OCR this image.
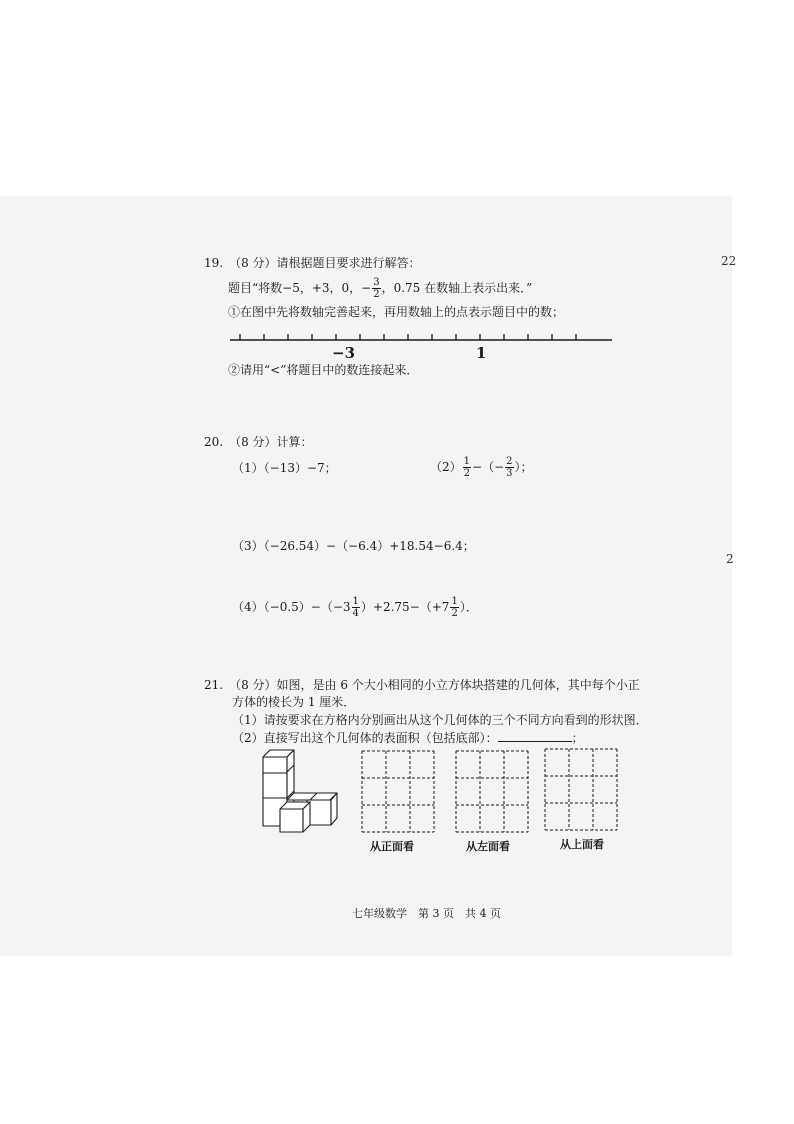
22
2
19. （8 分）请根据题目要求进行解答：
题目“将数−5，+3，0，− $\frac{3}{2}$ ，0.75 在数轴上表示出来．”
①在图中先将数轴完善起来，再用数轴上的点表示题目中的数；
−3	1
②请用“<”将题目中的数连接起来．
20. （8 分）计算：
（1）（−13）−7；	$(2) \frac{1}{2}$ −（− $\frac{2}{3}$ ）；
（3）（−26.54）−（−6.4）+18.54−6.4；
$(4)(-0.5)-(-3 \frac{1}{4} )+2.75-(+7 \frac{1}{2}$ ）．
21. （8 分）如图，是由 6 个大小相同的小立方体块搭建的几何体，其中每个小正
方体的棱长为 1 厘米．
（1）请按要求在方格内分别画出从这个几何体的三个不同方向看到的形状图．
（2）直接写出这个几何体的表面积（包括底部）：	；
从正面看	从左面看	从上面看
七年级数学　第 3 页　共 4 页
